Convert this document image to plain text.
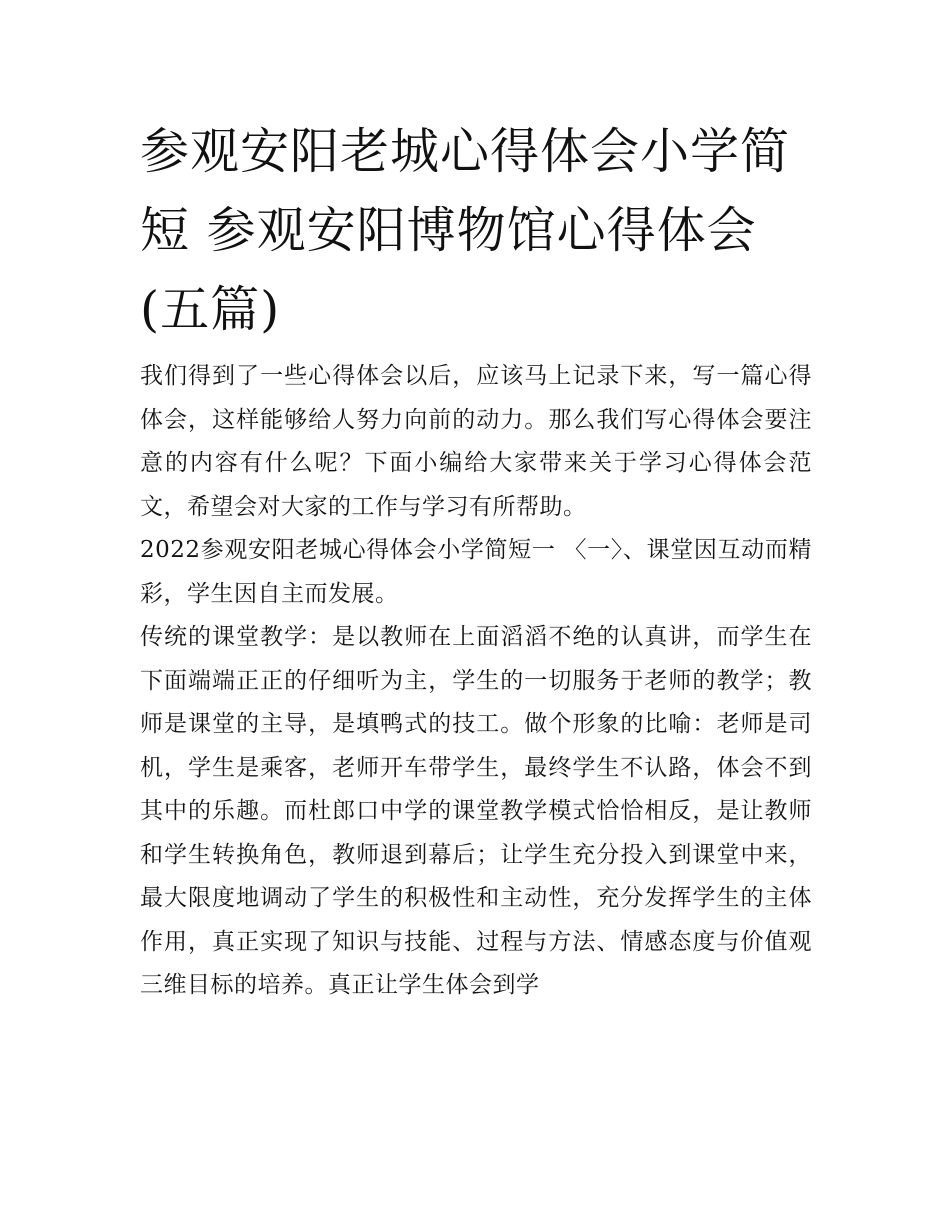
参观安阳老城心得体会小学简短 参观安阳博物馆心得体会(五篇)

我们得到了一些心得体会以后，应该马上记录下来，写一篇心得体会，这样能够给人努力向前的动力。那么我们写心得体会要注意的内容有什么呢？下面小编给大家带来关于学习心得体会范文，希望会对大家的工作与学习有所帮助。

2022参观安阳老城心得体会小学简短一 〈一〉、课堂因互动而精彩，学生因自主而发展。

传统的课堂教学：是以教师在上面滔滔不绝的认真讲，而学生在下面端端正正的仔细听为主，学生的一切服务于老师的教学；教师是课堂的主导，是填鸭式的技工。做个形象的比喻：老师是司机，学生是乘客，老师开车带学生，最终学生不认路，体会不到其中的乐趣。而杜郎口中学的课堂教学模式恰恰相反，是让教师和学生转换角色，教师退到幕后；让学生充分投入到课堂中来，最大限度地调动了学生的积极性和主动性，充分发挥学生的主体作用，真正实现了知识与技能、过程与方法、情感态度与价值观三维目标的培养。真正让学生体会到学
